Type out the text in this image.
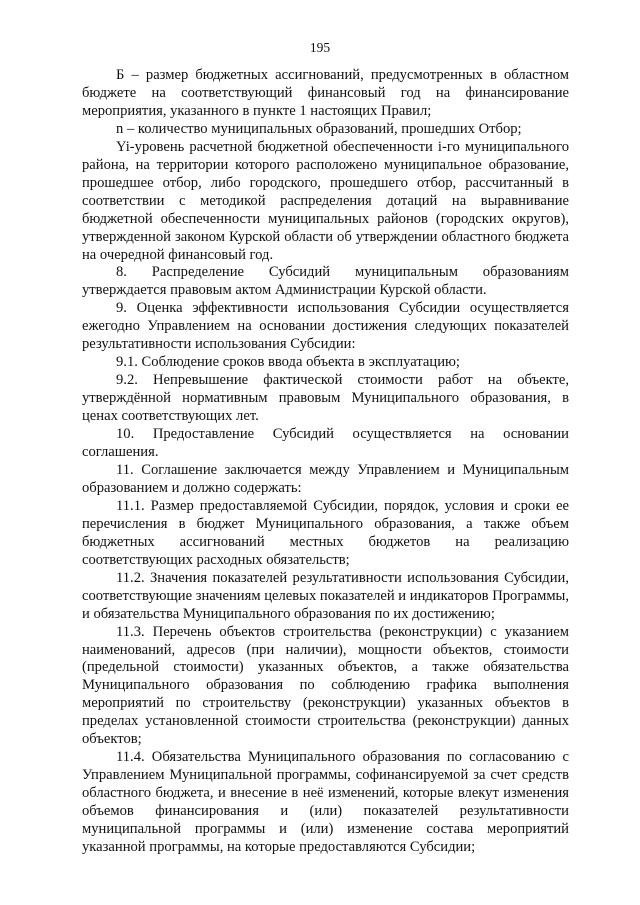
195

Б – размер бюджетных ассигнований, предусмотренных в областном бюджете на соответствующий финансовый год на финансирование мероприятия, указанного в пункте 1 настоящих Правил;

n – количество муниципальных образований, прошедших Отбор;

Yi-уровень расчетной бюджетной обеспеченности i-го муниципального района, на территории которого расположено муниципальное образование, прошедшее отбор, либо городского, прошедшего отбор, рассчитанный в соответствии с методикой распределения дотаций на выравнивание бюджетной обеспеченности муниципальных районов (городских округов), утвержденной законом Курской области об утверждении областного бюджета на очередной финансовый год.

8. Распределение Субсидий муниципальным образованиям утверждается правовым актом Администрации Курской области.

9. Оценка эффективности использования Субсидии осуществляется ежегодно Управлением на основании достижения следующих показателей результативности использования Субсидии:

9.1. Соблюдение сроков ввода объекта в эксплуатацию;

9.2. Непревышение фактической стоимости работ на объекте, утверждённой нормативным правовым Муниципального образования, в ценах соответствующих лет.

10. Предоставление Субсидий осуществляется на основании соглашения.

11. Соглашение заключается между Управлением и Муниципальным образованием и должно содержать:

11.1. Размер предоставляемой Субсидии, порядок, условия и сроки ее перечисления в бюджет Муниципального образования, а также объем бюджетных ассигнований местных бюджетов на реализацию соответствующих расходных обязательств;

11.2. Значения показателей результативности использования Субсидии, соответствующие значениям целевых показателей и индикаторов Программы, и обязательства Муниципального образования по их достижению;

11.3. Перечень объектов строительства (реконструкции) с указанием наименований, адресов (при наличии), мощности объектов, стоимости (предельной стоимости) указанных объектов, а также обязательства Муниципального образования по соблюдению графика выполнения мероприятий по строительству (реконструкции) указанных объектов в пределах установленной стоимости строительства (реконструкции) данных объектов;

11.4. Обязательства Муниципального образования по согласованию с Управлением Муниципальной программы, софинансируемой за счет средств областного бюджета, и внесение в неё изменений, которые влекут изменения объемов финансирования и (или) показателей результативности муниципальной программы и (или) изменение состава мероприятий указанной программы, на которые предоставляются Субсидии;
